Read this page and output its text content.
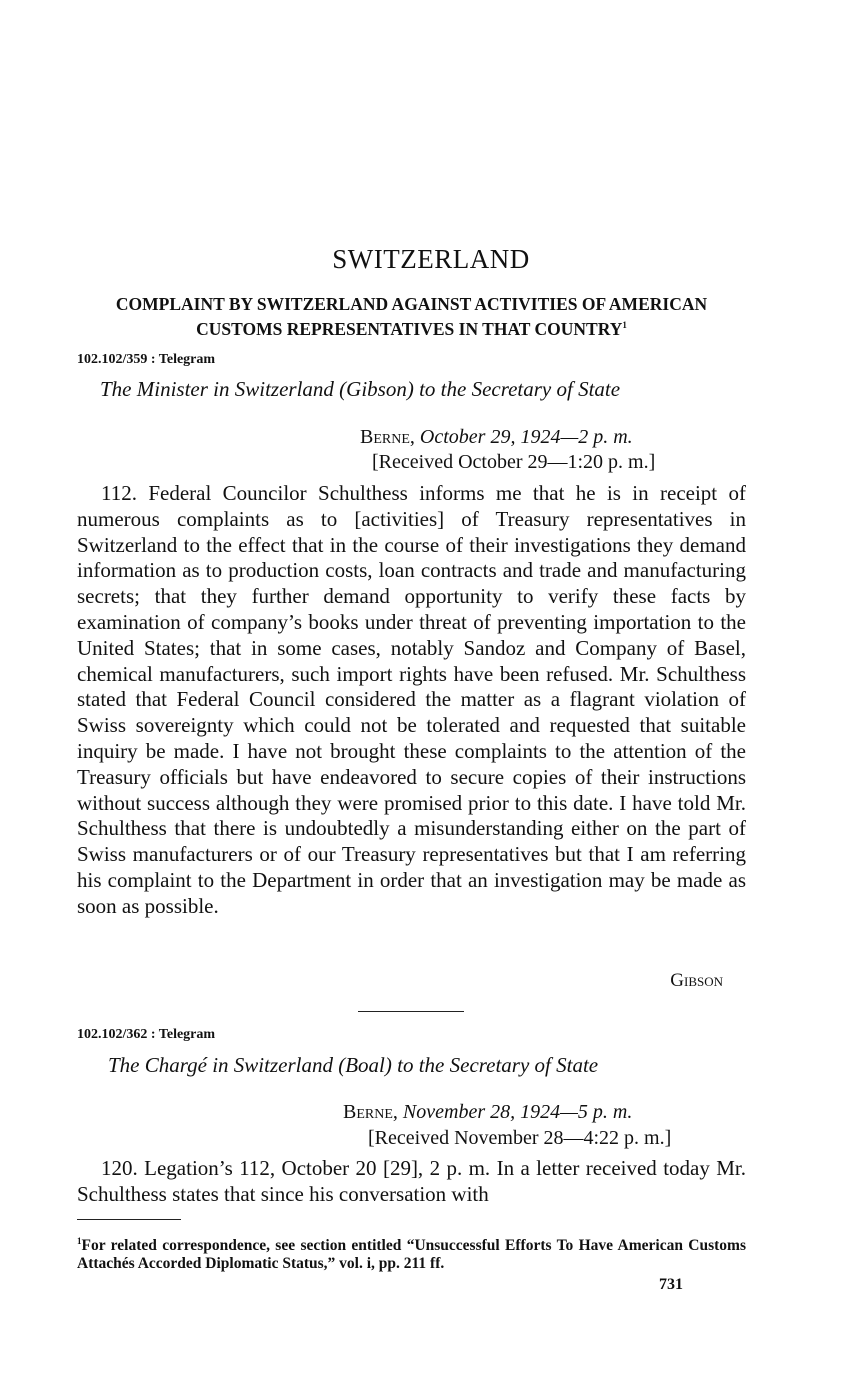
SWITZERLAND
COMPLAINT BY SWITZERLAND AGAINST ACTIVITIES OF AMERICAN CUSTOMS REPRESENTATIVES IN THAT COUNTRY$^1$
102.102/359 : Telegram
The Minister in Switzerland (Gibson) to the Secretary of State
Berne, October 29, 1924—2 p. m.
[Received October 29—1:20 p. m.]

112. Federal Councilor Schulthess informs me that he is in receipt of numerous complaints as to [activities] of Treasury representatives in Switzerland to the effect that in the course of their investigations they demand information as to production costs, loan contracts and trade and manufacturing secrets; that they further demand opportunity to verify these facts by examination of company’s books under threat of preventing importation to the United States; that in some cases, notably Sandoz and Company of Basel, chemical manufacturers, such import rights have been refused. Mr. Schulthess stated that Federal Council considered the matter as a flagrant violation of Swiss sovereignty which could not be tolerated and requested that suitable inquiry be made. I have not brought these complaints to the attention of the Treasury officials but have endeavored to secure copies of their instructions without success although they were promised prior to this date. I have told Mr. Schulthess that there is undoubtedly a misunderstanding either on the part of Swiss manufacturers or of our Treasury representatives but that I am referring his complaint to the Department in order that an investigation may be made as soon as possible.

Gibson
102.102/362 : Telegram
The Chargé in Switzerland (Boal) to the Secretary of State
Berne, November 28, 1924—5 p. m.
[Received November 28—4:22 p. m.]

120. Legation’s 112, October 20 [29], 2 p. m. In a letter received today Mr. Schulthess states that since his conversation with

$^1$For related correspondence, see section entitled “Unsuccessful Efforts To Have American Customs Attachés Accorded Diplomatic Status,” vol. i, pp. 211 ff.
731
